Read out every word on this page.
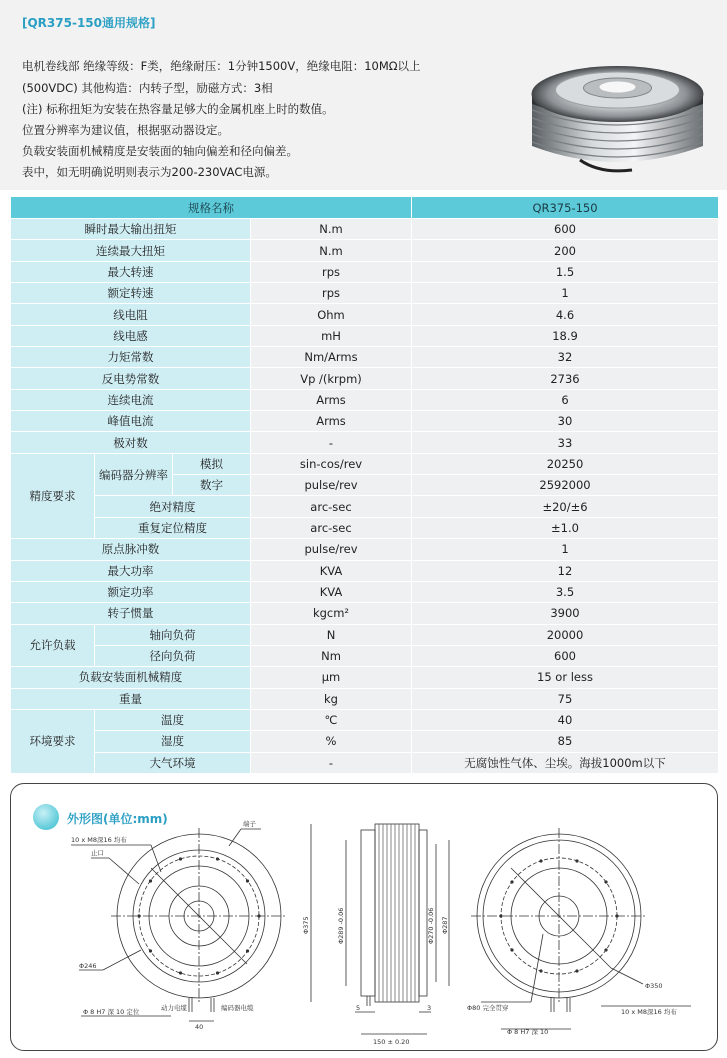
[QR375-150通用规格]
电机卷线部 绝缘等级：F类，绝缘耐压：1分钟1500V，绝缘电阻：10MΩ以上
(500VDC) 其他构造：内转子型，励磁方式：3相
(注) 标称扭矩为安装在热容量足够大的金属机座上时的数值。
位置分辨率为建议值，根据驱动器设定。
负载安装面机械精度是安装面的轴向偏差和径向偏差。
表中，如无明确说明则表示为200-230VAC电源。
规格名称				QR375-150
瞬时最大输出扭矩			N.m	600
连续最大扭矩			N.m	200
最大转速			rps	1.5
额定转速			rps	1
线电阻			Ohm	4.6
线电感			mH	18.9
力矩常数			Nm/Arms	32
反电势常数			Vp /(krpm)	2736
连续电流			Arms	6
峰值电流			Arms	30
极对数			-	33
精度要求	编码器分辨率	模拟	sin-cos/rev	20250
		数字	pulse/rev	2592000
	绝对精度		arc-sec	±20/±6
	重复定位精度		arc-sec	±1.0
原点脉冲数			pulse/rev	1
最大功率			KVA	12
额定功率			KVA	3.5
转子惯量			kgcm²	3900
允许负载	轴向负荷		N	20000
	径向负荷		Nm	600
负载安装面机械精度			μm	15 or less
重量			kg	75
环境要求	温度		℃	40
	湿度		%	85
	大气环境		-	无腐蚀性气体、尘埃。海拔1000m以下
外形图(单位:mm)
10 x M8深16 均布
止口
端子
Φ246
Φ 8 H7 深 10 定位	动力电缆	编码器电缆
40
Φ375	Φ289 -0.06	Φ270 -0.06 Φ287
5	3
150 ± 0.20
Φ350
Φ80 完全贯穿	10 x M8深16 均布
Φ 8 H7 深 10
